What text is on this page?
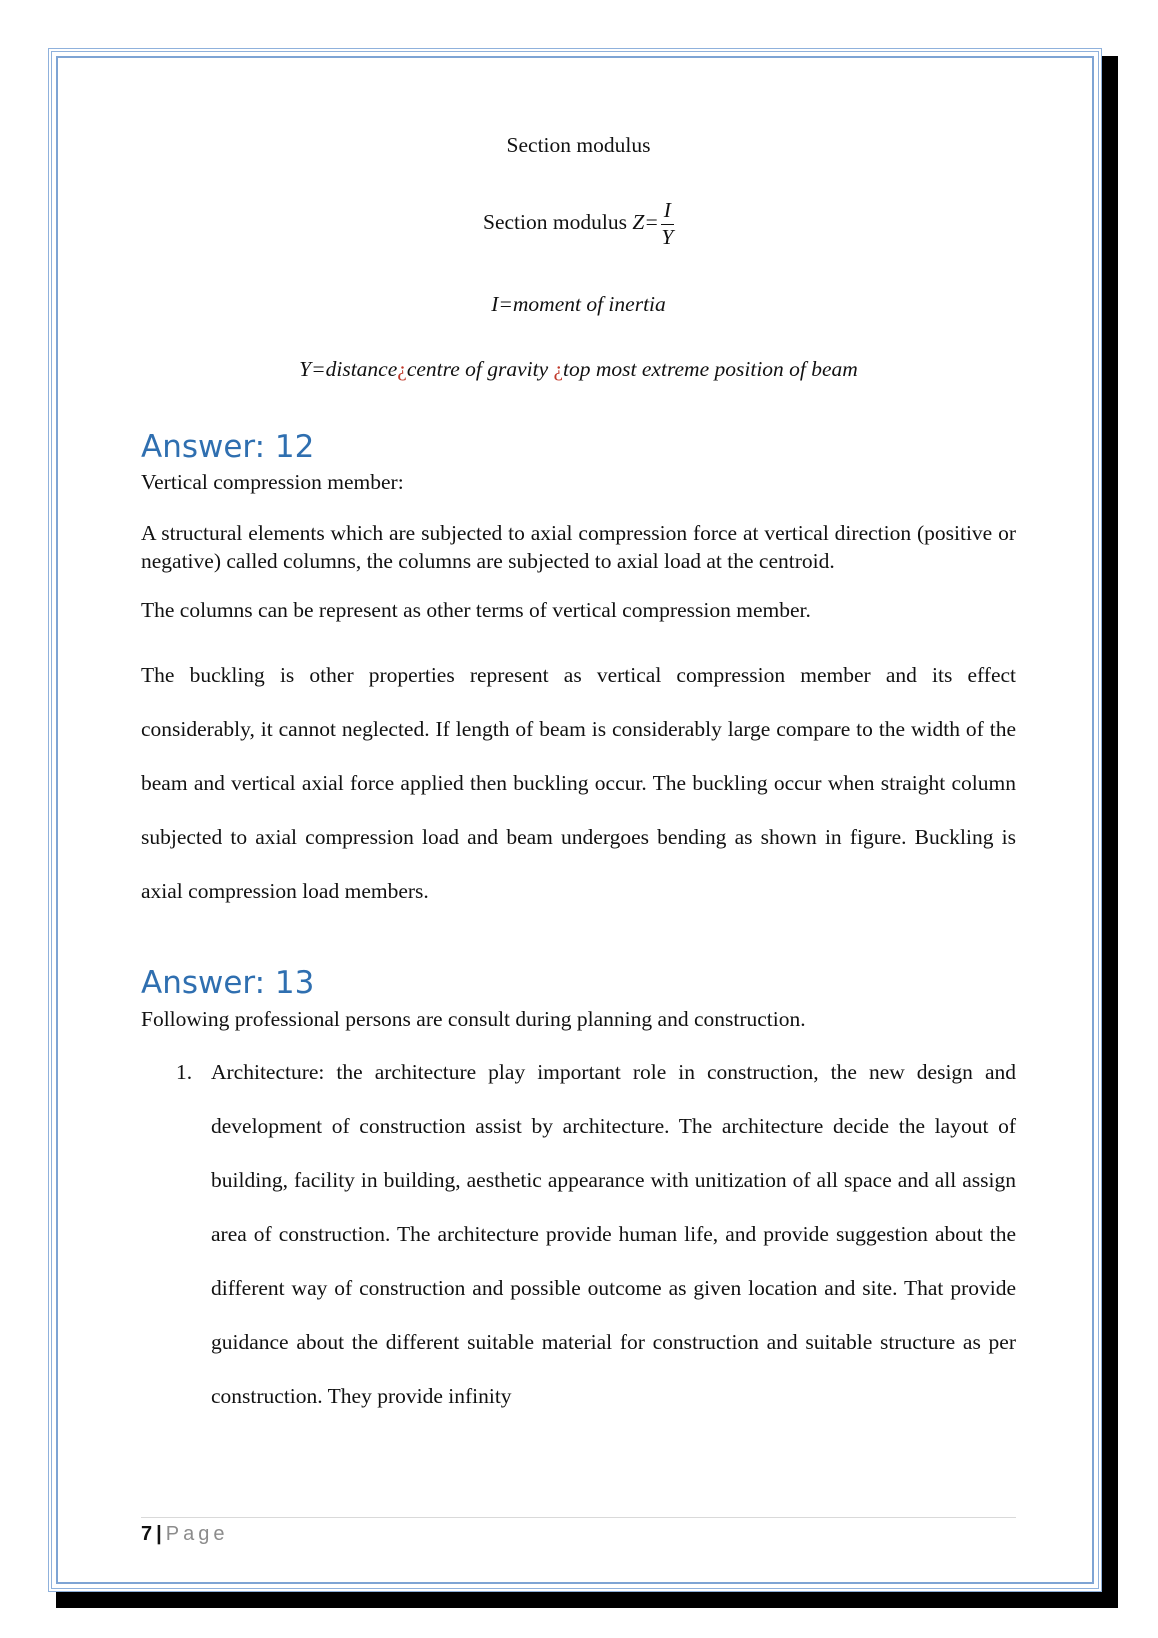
Section modulus
Section modulus $Z= \frac{I}{Y}$
I=moment of inertia
Y=distance¿centre of gravity ¿top most extreme position of beam
Answer: 12
Vertical compression member:

A structural elements which are subjected to axial compression force at vertical direction (positive or negative) called columns, the columns are subjected to axial load at the centroid.

The columns can be represent as other terms of vertical compression member.

The buckling is other properties represent as vertical compression member and its effect considerably, it cannot neglected. If length of beam is considerably large compare to the width of the beam and vertical axial force applied then buckling occur. The buckling occur when straight column subjected to axial compression load and beam undergoes bending as shown in figure. Buckling is axial compression load members.

Answer: 13
Following professional persons are consult during planning and construction.
1. Architecture: the architecture play important role in construction, the new design and development of construction assist by architecture. The architecture decide the layout of building, facility in building, aesthetic appearance with unitization of all space and all assign area of construction. The architecture provide human life, and provide suggestion about the different way of construction and possible outcome as given location and site. That provide guidance about the different suitable material for construction and suitable structure as per construction. They provide infinity

7 | Page
